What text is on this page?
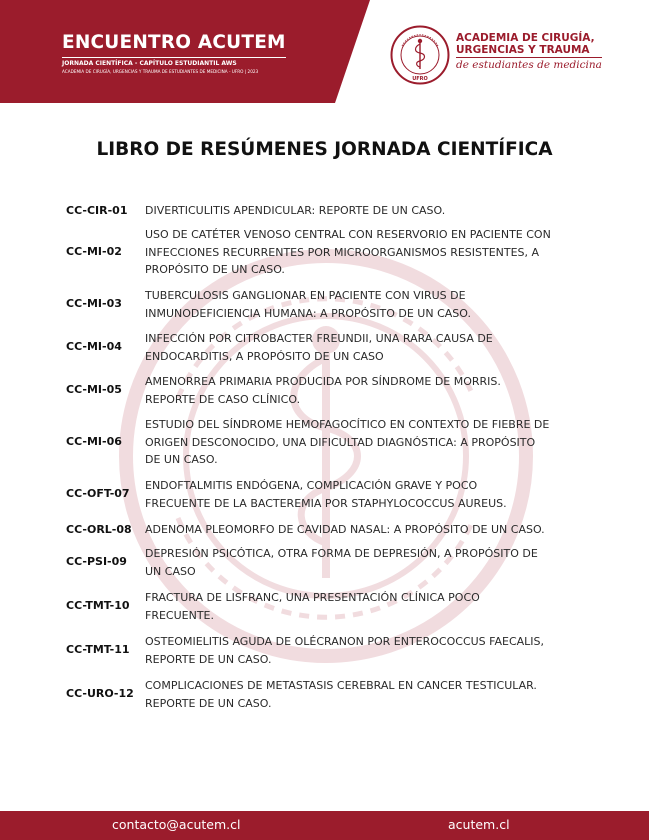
ENCUENTRO ACUTEM
JORNADA CIENTÍFICA - CAPÍTULO ESTUDIANTIL AWS
ACADEMIA DE CIRUGÍA, URGENCIAS Y TRAUMA DE ESTUDIANTES DE MEDICINA - UFRO | 2023
UFRO
ACADEMIA DE CIRUGÍA,
URGENCIAS Y TRAUMA
de estudiantes de medicina
LIBRO DE RESÚMENES JORNADA CIENTÍFICA
CC-CIR-01	DIVERTICULITIS APENDICULAR: REPORTE DE UN CASO.
CC-MI-02
USO DE CATÉTER VENOSO CENTRAL CON RESERVORIO EN PACIENTE CON
INFECCIONES RECURRENTES POR MICROORGANISMOS RESISTENTES, A
PROPÓSITO DE UN CASO.
CC-MI-03
TUBERCULOSIS GANGLIONAR EN PACIENTE CON VIRUS DE
INMUNODEFICIENCIA HUMANA: A PROPÓSITO DE UN CASO.
CC-MI-04
INFECCIÓN POR CITROBACTER FREUNDII, UNA RARA CAUSA DE
ENDOCARDITIS, A PROPÓSITO DE UN CASO
CC-MI-05
AMENORREA PRIMARIA PRODUCIDA POR SÍNDROME DE MORRIS.
REPORTE DE CASO CLÍNICO.
CC-MI-06
ESTUDIO DEL SÍNDROME HEMOFAGOCÍTICO EN CONTEXTO DE FIEBRE DE
ORIGEN DESCONOCIDO, UNA DIFICULTAD DIAGNÓSTICA: A PROPÓSITO
DE UN CASO.
CC-OFT-07
ENDOFTALMITIS ENDÓGENA, COMPLICACIÓN GRAVE Y POCO
FRECUENTE DE LA BACTEREMIA POR STAPHYLOCOCCUS AUREUS.
CC-ORL-08	ADENOMA PLEOMORFO DE CAVIDAD NASAL: A PROPÓSITO DE UN CASO.
CC-PSI-09
DEPRESIÓN PSICÓTICA, OTRA FORMA DE DEPRESIÓN, A PROPÓSITO DE
UN CASO
CC-TMT-10
FRACTURA DE LISFRANC, UNA PRESENTACIÓN CLÍNICA POCO
FRECUENTE.
CC-TMT-11
OSTEOMIELITIS AGUDA DE OLÉCRANON POR ENTEROCOCCUS FAECALIS,
REPORTE DE UN CASO.
CC-URO-12
COMPLICACIONES DE METASTASIS CEREBRAL EN CANCER TESTICULAR.
REPORTE DE UN CASO.
contacto@acutem.cl	acutem.cl
